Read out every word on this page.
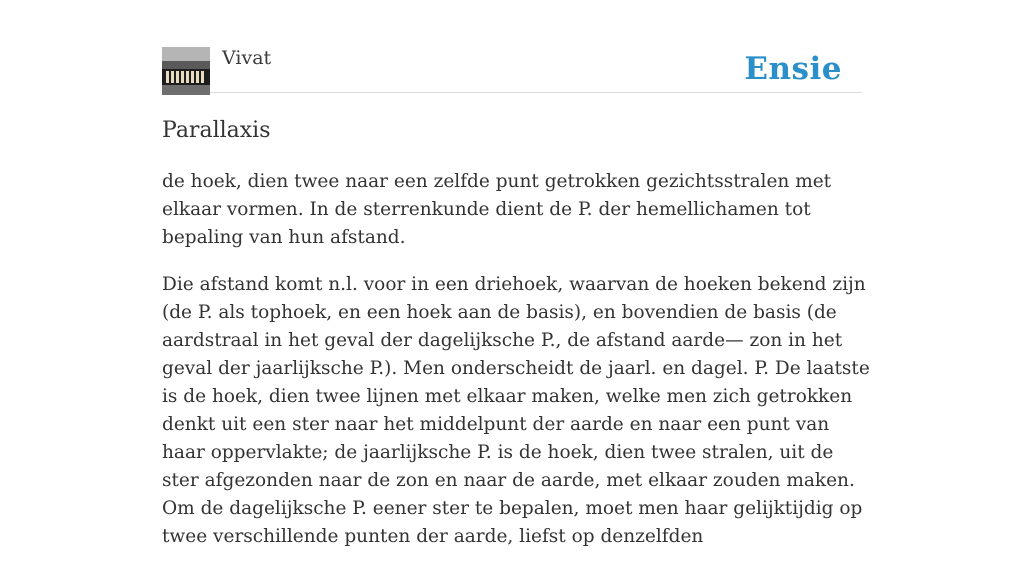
Vivat	Ensie
Parallaxis

de hoek, dien twee naar een zelfde punt getrokken gezichtsstralen met elkaar vormen. In de sterrenkunde dient de P. der hemellichamen tot bepaling van hun afstand.

Die afstand komt n.l. voor in een driehoek, waarvan de hoeken bekend zijn (de P. als tophoek, en een hoek aan de basis), en bovendien de basis (de aardstraal in het geval der dagelijksche P., de afstand aarde— zon in het geval der jaarlijksche P.). Men onderscheidt de jaarl. en dagel. P. De laatste is de hoek, dien twee lijnen met elkaar maken, welke men zich getrokken denkt uit een ster naar het middelpunt der aarde en naar een punt van haar oppervlakte; de jaarlijksche P. is de hoek, dien twee stralen, uit de ster afgezonden naar de zon en naar de aarde, met elkaar zouden maken. Om de dagelijksche P. eener ster te bepalen, moet men haar gelijktijdig op twee verschillende punten der aarde, liefst op denzelfden
